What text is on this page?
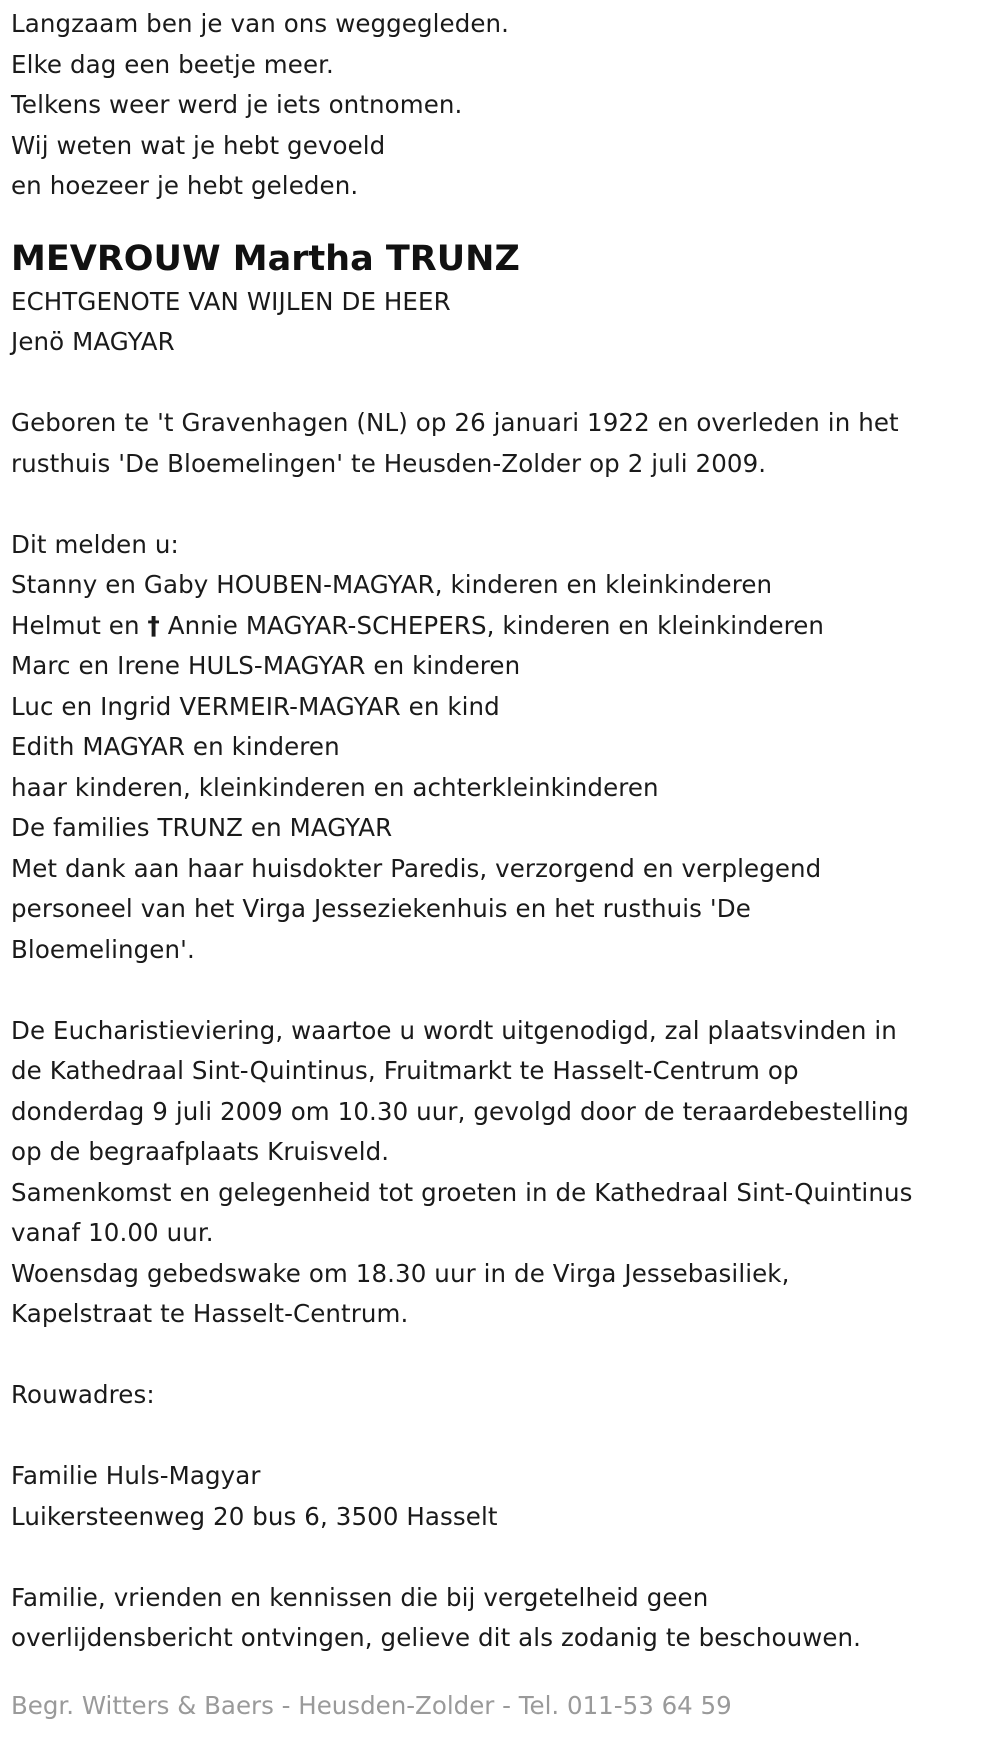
Langzaam ben je van ons weggegleden.
Elke dag een beetje meer.
Telkens weer werd je iets ontnomen.
Wij weten wat je hebt gevoeld
en hoezeer je hebt geleden.
MEVROUW Martha TRUNZ
ECHTGENOTE VAN WIJLEN DE HEER
Jenö MAGYAR
Geboren te 't Gravenhagen (NL) op 26 januari 1922 en overleden in het
rusthuis 'De Bloemelingen' te Heusden-Zolder op 2 juli 2009.
Dit melden u:
Stanny en Gaby HOUBEN-MAGYAR, kinderen en kleinkinderen
Helmut en † Annie MAGYAR-SCHEPERS, kinderen en kleinkinderen
Marc en Irene HULS-MAGYAR en kinderen
Luc en Ingrid VERMEIR-MAGYAR en kind
Edith MAGYAR en kinderen
haar kinderen, kleinkinderen en achterkleinkinderen
De families TRUNZ en MAGYAR
Met dank aan haar huisdokter Paredis, verzorgend en verplegend
personeel van het Virga Jesseziekenhuis en het rusthuis 'De
Bloemelingen'.
De Eucharistieviering, waartoe u wordt uitgenodigd, zal plaatsvinden in
de Kathedraal Sint-Quintinus, Fruitmarkt te Hasselt-Centrum op
donderdag 9 juli 2009 om 10.30 uur, gevolgd door de teraardebestelling
op de begraafplaats Kruisveld.
Samenkomst en gelegenheid tot groeten in de Kathedraal Sint-Quintinus
vanaf 10.00 uur.
Woensdag gebedswake om 18.30 uur in de Virga Jessebasiliek,
Kapelstraat te Hasselt-Centrum.
Rouwadres:
Familie Huls-Magyar
Luikersteenweg 20 bus 6, 3500 Hasselt
Familie, vrienden en kennissen die bij vergetelheid geen
overlijdensbericht ontvingen, gelieve dit als zodanig te beschouwen.
Begr. Witters & Baers - Heusden-Zolder - Tel. 011-53 64 59
